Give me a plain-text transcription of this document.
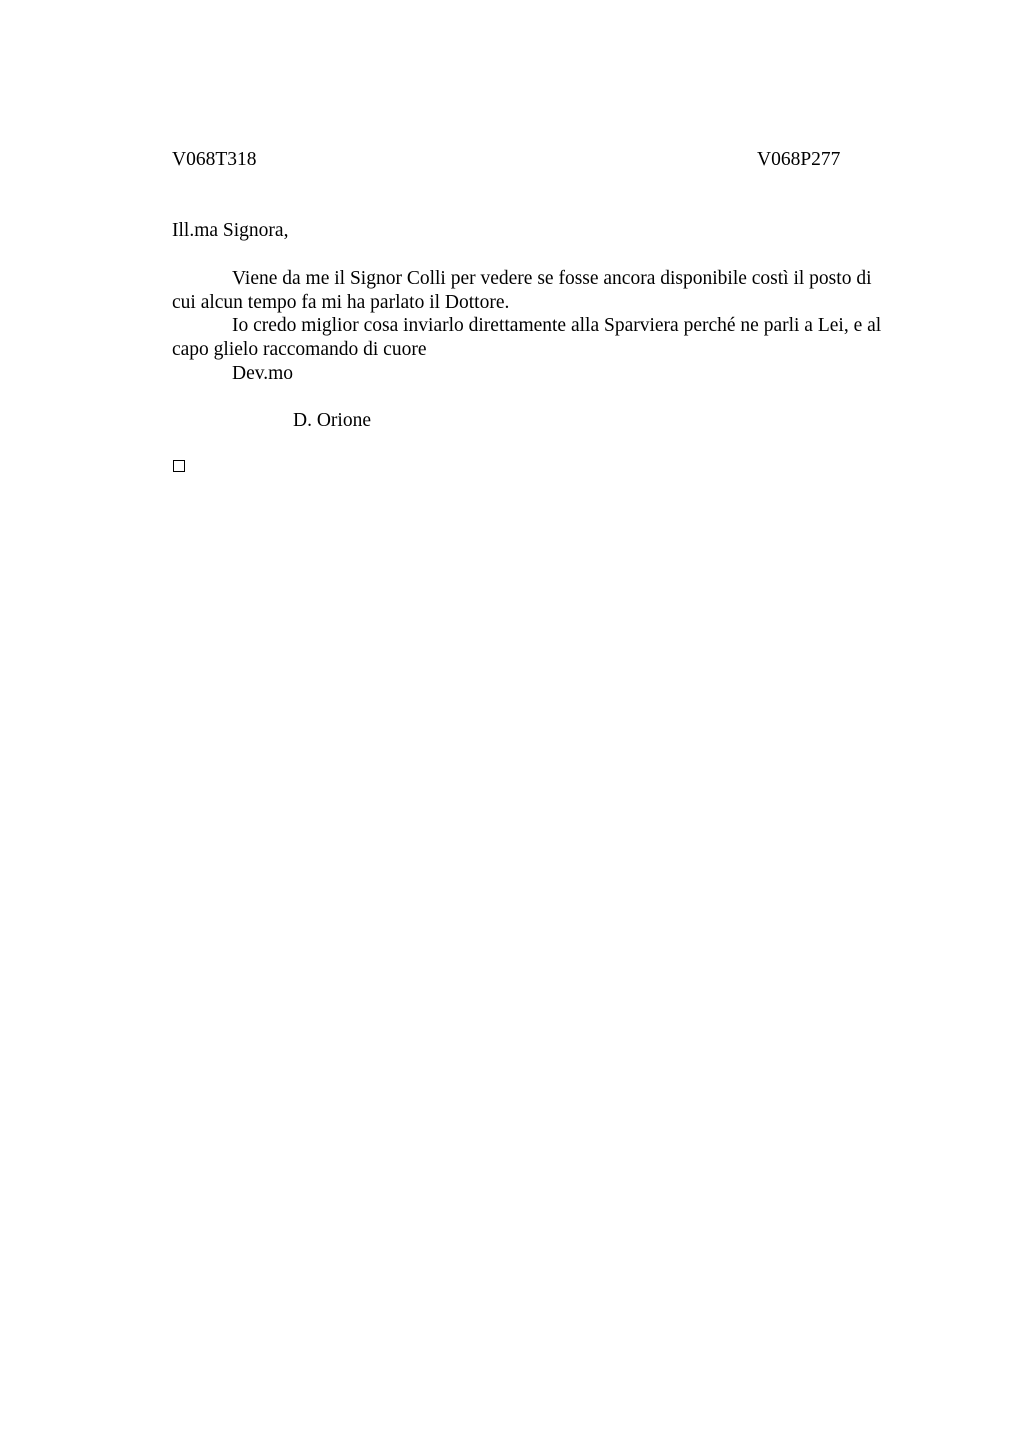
V068T318	V068P277
Ill.ma Signora,
Viene da me il Signor Colli per vedere se fosse ancora disponibile costì il posto di
cui alcun tempo fa mi ha parlato il Dottore.
Io credo miglior cosa inviarlo direttamente alla Sparviera perché ne parli a Lei, e al
capo glielo raccomando di cuore
Dev.mo
D. Orione
